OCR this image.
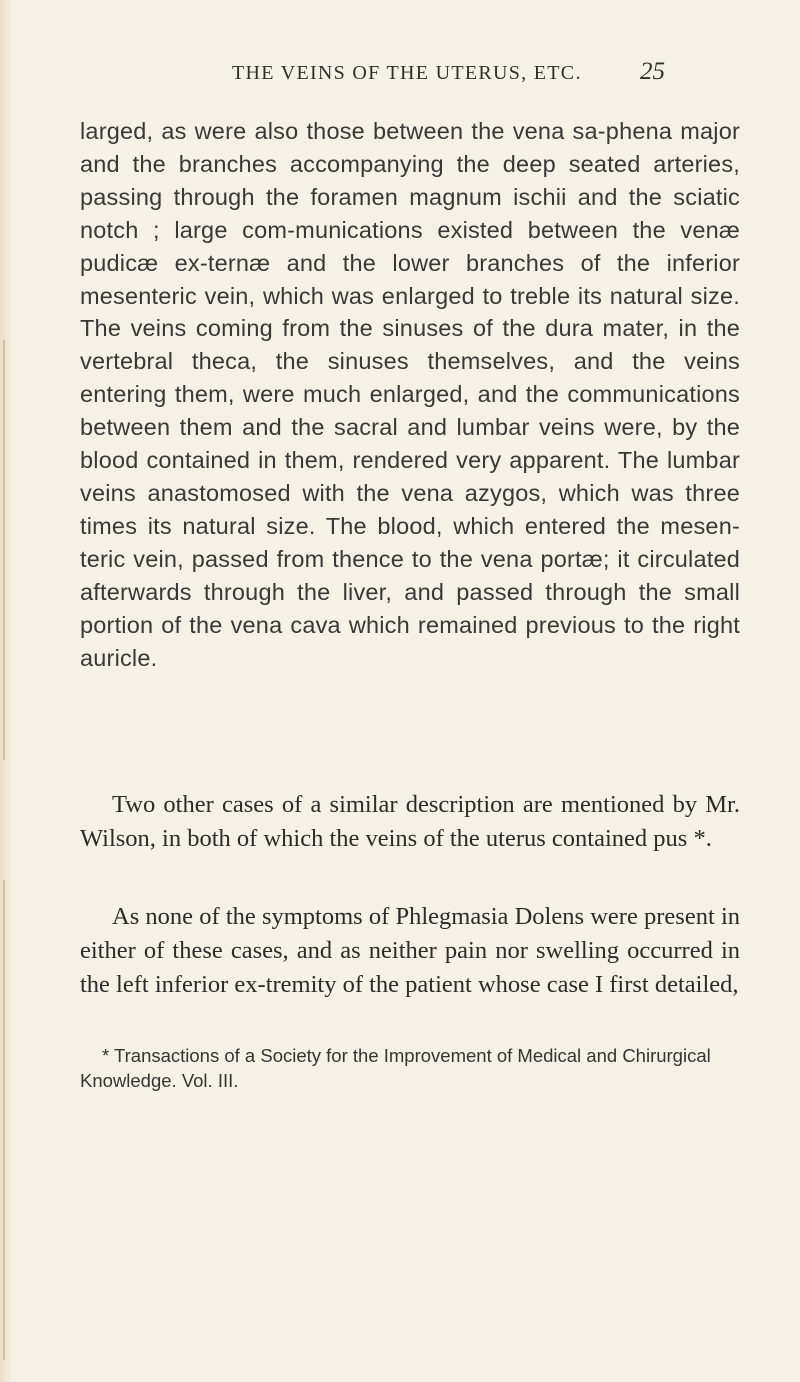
THE VEINS OF THE UTERUS, ETC. 25

larged, as were also those between the vena sa-phena major and the branches accompanying the deep seated arteries, passing through the foramen magnum ischii and the sciatic notch ; large com-munications existed between the venæ pudicæ ex-ternæ and the lower branches of the inferior mesenteric vein, which was enlarged to treble its natural size. The veins coming from the sinuses of the dura mater, in the vertebral theca, the sinuses themselves, and the veins entering them, were much enlarged, and the communications between them and the sacral and lumbar veins were, by the blood contained in them, rendered very apparent. The lumbar veins anastomosed with the vena azygos, which was three times its natural size. The blood, which entered the mesen-teric vein, passed from thence to the vena portæ; it circulated afterwards through the liver, and passed through the small portion of the vena cava which remained previous to the right auricle.

Two other cases of a similar description are mentioned by Mr. Wilson, in both of which the veins of the uterus contained pus *.

As none of the symptoms of Phlegmasia Dolens were present in either of these cases, and as neither pain nor swelling occurred in the left inferior ex-tremity of the patient whose case I first detailed,

* Transactions of a Society for the Improvement of Medical and Chirurgical Knowledge. Vol. III.
